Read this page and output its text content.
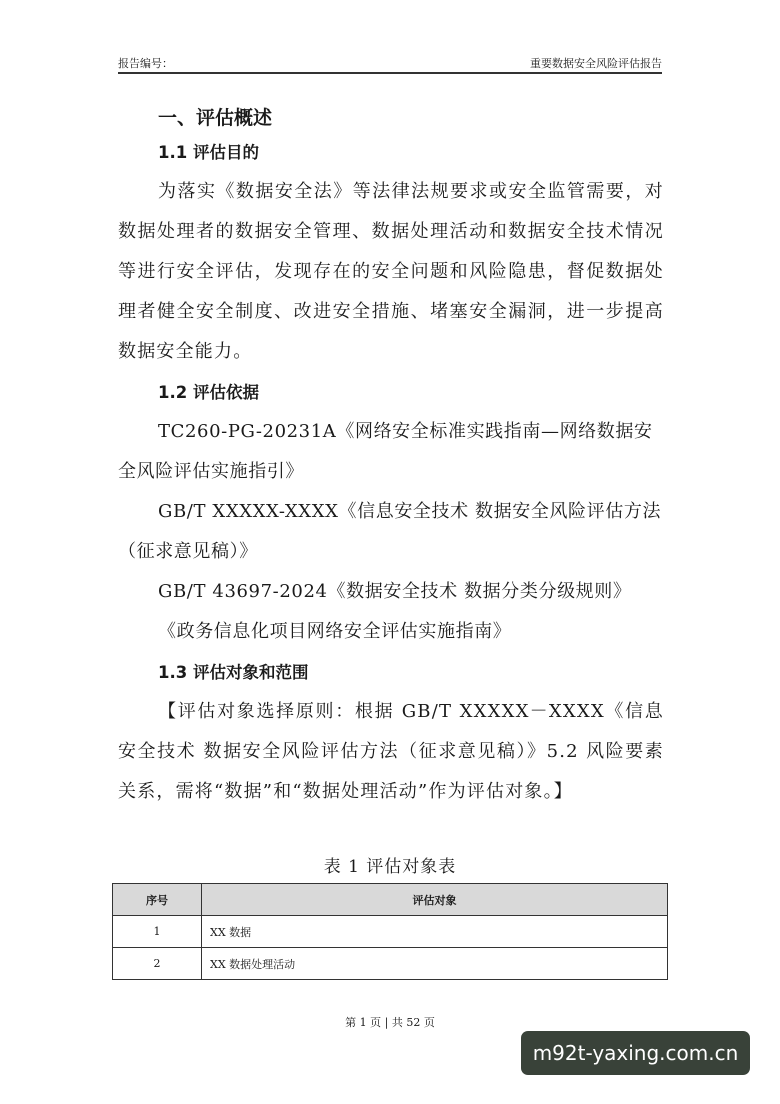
报告编号：	重要数据安全风险评估报告
一、评估概述
1.1 评估目的

为落实《数据安全法》等法律法规要求或安全监管需要，对数据处理者的数据安全管理、数据处理活动和数据安全技术情况等进行安全评估，发现存在的安全问题和风险隐患，督促数据处理者健全安全制度、改进安全措施、堵塞安全漏洞，进一步提高数据安全能力。

1.2 评估依据

TC260-PG-20231A《网络安全标准实践指南—网络数据安全风险评估实施指引》

GB/T XXXXX-XXXX《信息安全技术 数据安全风险评估方法（征求意见稿）》

GB/T 43697-2024《数据安全技术 数据分类分级规则》

《政务信息化项目网络安全评估实施指南》

1.3 评估对象和范围

【评估对象选择原则：根据 GB/T XXXXX－XXXX《信息安全技术 数据安全风险评估方法（征求意见稿）》5.2 风险要素关系，需将“数据”和“数据处理活动”作为评估对象。】

表 1 评估对象表
序号	评估对象
1	XX 数据
2	XX 数据处理活动
第 1 页 | 共 52 页
m92t-yaxing.com.cn
